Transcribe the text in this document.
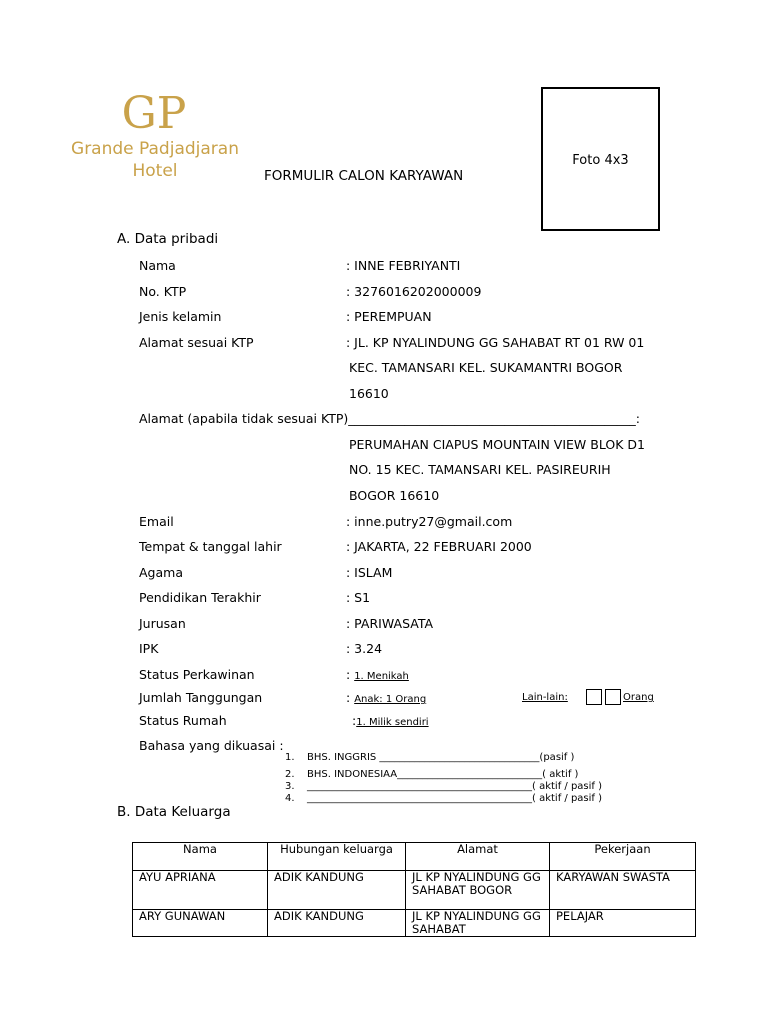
GP
Grande Padjadjaran
Hotel	FORMULIR CALON KARYAWAN
Foto 4x3
A. Data pribadi
Nama	: INNE FEBRIYANTI
No. KTP	: 3276016202000009
Jenis kelamin	: PEREMPUAN
Alamat sesuai KTP	: JL. KP NYALINDUNG GG SAHABAT RT 01 RW 01
KEC. TAMANSARI KEL. SUKAMANTRI BOGOR
16610
Alamat (apabila tidak sesuai KTP)______________________________________________:
PERUMAHAN CIAPUS MOUNTAIN VIEW BLOK D1
NO. 15 KEC. TAMANSARI KEL. PASIREURIH
BOGOR 16610
Email	: inne.putry27@gmail.com
Tempat & tanggal lahir	: JAKARTA, 22 FEBRUARI 2000
Agama	: ISLAM
Pendidikan Terakhir	: S1
Jurusan	: PARIWASATA
IPK	: 3.24
Status Perkawinan	: 1. Menikah
Jumlah Tanggungan	: Anak: 1 Orang	Lain-lain:	Orang
Status Rumah	:1. Milik sendiri
Bahasa yang dikuasai :
1. BHS. INGGRIS ________________________________(pasif )
2. BHS. INDONESIAA_____________________________( aktif )
3. _____________________________________________( aktif / pasif )
4. _____________________________________________( aktif / pasif )
B. Data Keluarga
Nama	Hubungan keluarga	Alamat	Pekerjaan
AYU APRIANA	ADIK KANDUNG	JL KP NYALINDUNG GG SAHABAT BOGOR	KARYAWAN SWASTA
ARY GUNAWAN	ADIK KANDUNG	JL KP NYALINDUNG GG SAHABAT	PELAJAR
